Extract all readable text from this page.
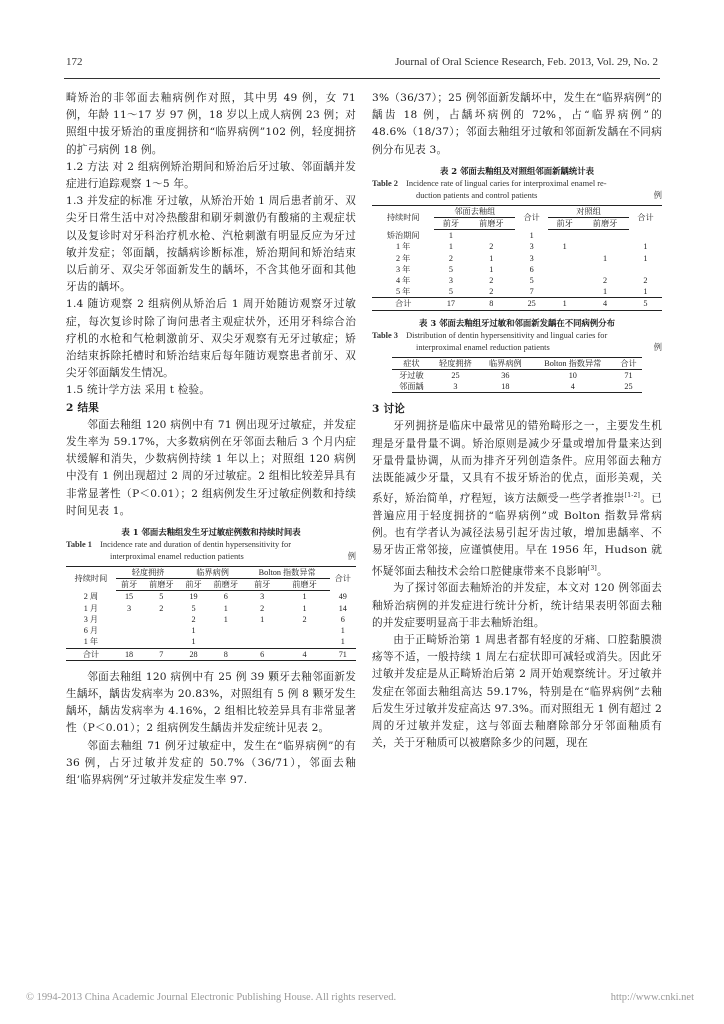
172	Journal of Oral Science Research, Feb. 2013, Vol. 29, No. 2

畸矫治的非邻面去釉病例作对照，其中男 49 例，女 71 例，年龄 11～17 岁 97 例，18 岁以上成人病例 23 例；对照组中拔牙矫治的重度拥挤和“临界病例”102 例，轻度拥挤的扩弓病例 18 例。

1.2 方法 对 2 组病例矫治期间和矫治后牙过敏、邻面龋并发症进行追踪观察 1～5 年。

1.3 并发症的标准 牙过敏，从矫治开始 1 周后患者前牙、双尖牙日常生活中对冷热酸甜和刷牙刺激仍有酸痛的主观症状以及复诊时对牙科治疗机水枪、汽枪刺激有明显反应为牙过敏并发症；邻面龋，按龋病诊断标准，矫治期间和矫治结束以后前牙、双尖牙邻面新发生的龋坏，不含其他牙面和其他牙齿的龋坏。

1.4 随访观察 2 组病例从矫治后 1 周开始随访观察牙过敏症，每次复诊时除了询问患者主观症状外，还用牙科综合治疗机的水枪和气枪刺激前牙、双尖牙观察有无牙过敏症；矫治结束拆除托槽时和矫治结束后每年随访观察患者前牙、双尖牙邻面龋发生情况。

1.5 统计学方法 采用 t 检验。

2 结果

邻面去釉组 120 病例中有 71 例出现牙过敏症，并发症发生率为 59.17%，大多数病例在牙邻面去釉后 3 个月内症状缓解和消失，少数病例持续 1 年以上；对照组 120 病例中没有 1 例出现超过 2 周的牙过敏症。2 组相比较差异具有非常显著性（P＜0.01）；2 组病例发生牙过敏症例数和持续时间见表 1。

表 1 邻面去釉组发生牙过敏症例数和持续时间表
Table 1 Incidence rate and duration of dentin hypersensitivity for
interproximal enamel reduction patients	例
持续时间	轻度拥挤		临界病例		Bolton 指数异常		合计
	前牙	前磨牙	前牙	前磨牙	前牙	前磨牙	
2 周	15	5	19	6	3	1	49
1 月	3	2	5	1	2	1	14
3 月			2	1	1	2	6
6 月			1				1
1 年			1				1
合计	18	7	28	8	6	4	71

邻面去釉组 120 病例中有 25 例 39 颗牙去釉邻面新发生龋坏，龋齿发病率为 20.83%，对照组有 5 例 8 颗牙发生龋坏，龋齿发病率为 4.16%，2 组相比较差异具有非常显著性（P＜0.01）；2 组病例发生龋齿并发症统计见表 2。

邻面去釉组 71 例牙过敏症中，发生在“临界病例”的有 36 例，占牙过敏并发症的 50.7%（36/71），邻面去釉组’临界病例”牙过敏并发症发生率 97.

3%（36/37）；25 例邻面新发龋坏中，发生在“临界病例”的龋齿 18 例，占龋坏病例的 72%，占“临界病例”的 48.6%（18/37）；邻面去釉组牙过敏和邻面新发龋在不同病例分布见表 3。

表 2 邻面去釉组及对照组邻面新龋统计表
Table 2 Incidence rate of lingual caries for interproximal enamel re-
duction patients and control patients	例
持续时间	邻面去釉组		合计	对照组		合计
	前牙	前磨牙		前牙	前磨牙	
矫治期间	1		1			
1 年	1	2	3	1		1
2 年	2	1	3		1	1
3 年	5	1	6			
4 年	3	2	5		2	2
5 年	5	2	7		1	1
合计	17	8	25	1	4	5
表 3 邻面去釉组牙过敏和邻面新发龋在不同病例分布
Table 3 Distribution of dentin hypersensitivity and lingual caries for
interproximal enamel reduction patients	例
症状	轻度拥挤	临界病例	Bolton 指数异常	合计
牙过敏	25	36	10	71
邻面龋	3	18	4	25

3 讨论

牙列拥挤是临床中最常见的错殆畸形之一，主要发生机理是牙量骨量不调。矫治原则是减少牙量或增加骨量来达到牙量骨量协调，从而为排齐牙列创造条件。应用邻面去釉方法既能减少牙量，又具有不拔牙矫治的优点，面形美观，关系好，矫治简单，疗程短，该方法颇受一些学者推崇[1-2]。已普遍应用于轻度拥挤的“临界病例”或 Bolton 指数异常病例。也有学者认为减径法易引起牙齿过敏，增加患龋率、不易牙齿正常邻接，应谨慎使用。早在 1956 年，Hudson 就怀疑邻面去釉技术会给口腔健康带来不良影响[3]。

为了探讨邻面去釉矫治的并发症，本文对 120 例邻面去釉矫治病例的并发症进行统计分析，统计结果表明邻面去釉的并发症要明显高于非去釉矫治组。

由于正畸矫治第 1 周患者都有轻度的牙痛、口腔黏膜溃疡等不适，一般持续 1 周左右症状即可减轻或消失。因此牙过敏并发症是从正畸矫治后第 2 周开始观察统计。牙过敏并发症在邻面去釉组高达 59.17%，特别是在“临界病例”去釉后发生牙过敏并发症高达 97.3%。而对照组无 1 例有超过 2 周的牙过敏并发症，这与邻面去釉磨除部分牙邻面釉质有关，关于牙釉质可以被磨除多少的问题，现在

© 1994-2013 China Academic Journal Electronic Publishing House. All rights reserved.	http://www.cnki.net
